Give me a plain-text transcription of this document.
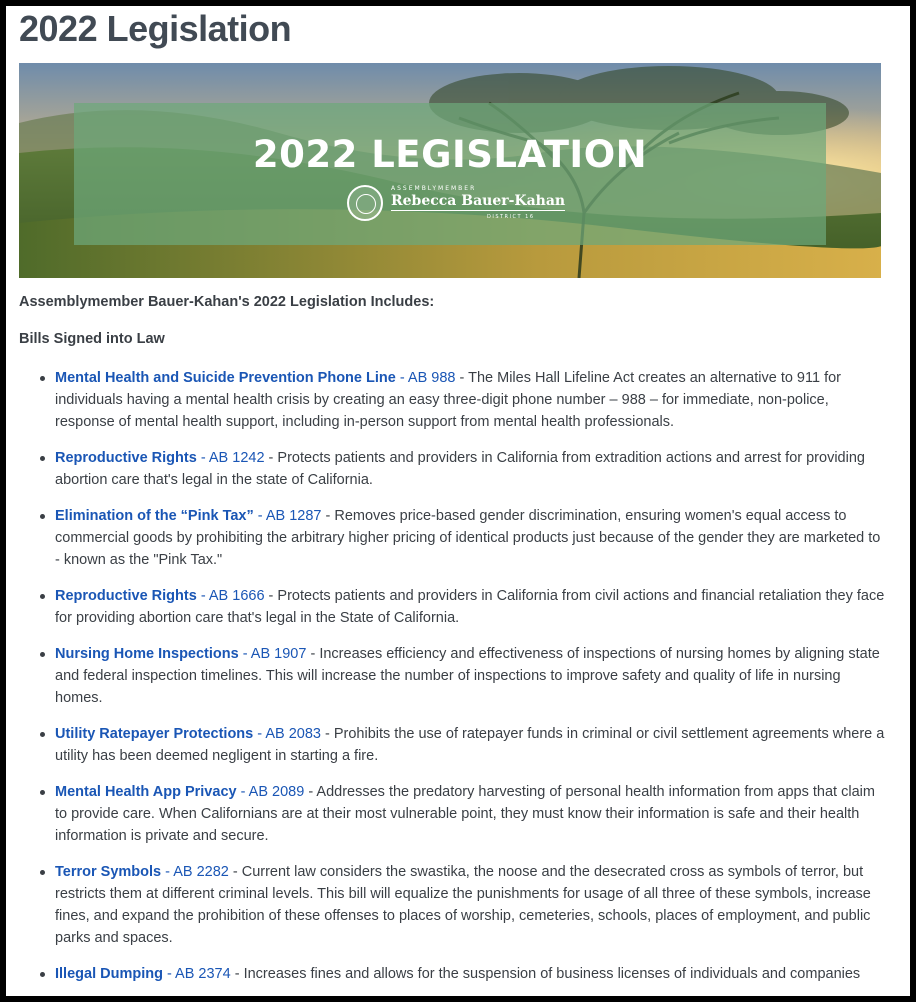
2022 Legislation
2022 LEGISLATION
ASSEMBLYMEMBER
Rebecca Bauer-Kahan
DISTRICT 16

Assemblymember Bauer-Kahan's 2022 Legislation Includes:

Bills Signed into Law

Mental Health and Suicide Prevention Phone Line - AB 988 - The Miles Hall Lifeline Act creates an alternative to 911 for individuals having a mental health crisis by creating an easy three-digit phone number – 988 – for immediate, non-police, response of mental health support, including in-person support from mental health professionals.
Reproductive Rights - AB 1242 - Protects patients and providers in California from extradition actions and arrest for providing abortion care that's legal in the state of California.
Elimination of the “Pink Tax” - AB 1287 - Removes price-based gender discrimination, ensuring women's equal access to commercial goods by prohibiting the arbitrary higher pricing of identical products just because of the gender they are marketed to - known as the "Pink Tax."
Reproductive Rights - AB 1666 - Protects patients and providers in California from civil actions and financial retaliation they face for providing abortion care that's legal in the State of California.
Nursing Home Inspections - AB 1907 - Increases efficiency and effectiveness of inspections of nursing homes by aligning state and federal inspection timelines. This will increase the number of inspections to improve safety and quality of life in nursing homes.
Utility Ratepayer Protections - AB 2083 - Prohibits the use of ratepayer funds in criminal or civil settlement agreements where a utility has been deemed negligent in starting a fire.
Mental Health App Privacy - AB 2089 - Addresses the predatory harvesting of personal health information from apps that claim to provide care. When Californians are at their most vulnerable point, they must know their information is safe and their health information is private and secure.
Terror Symbols - AB 2282 - Current law considers the swastika, the noose and the desecrated cross as symbols of terror, but restricts them at different criminal levels. This bill will equalize the punishments for usage of all three of these symbols, increase fines, and expand the prohibition of these offenses to places of worship, cemeteries, schools, places of employment, and public parks and spaces.
Illegal Dumping - AB 2374 - Increases fines and allows for the suspension of business licenses of individuals and companies
